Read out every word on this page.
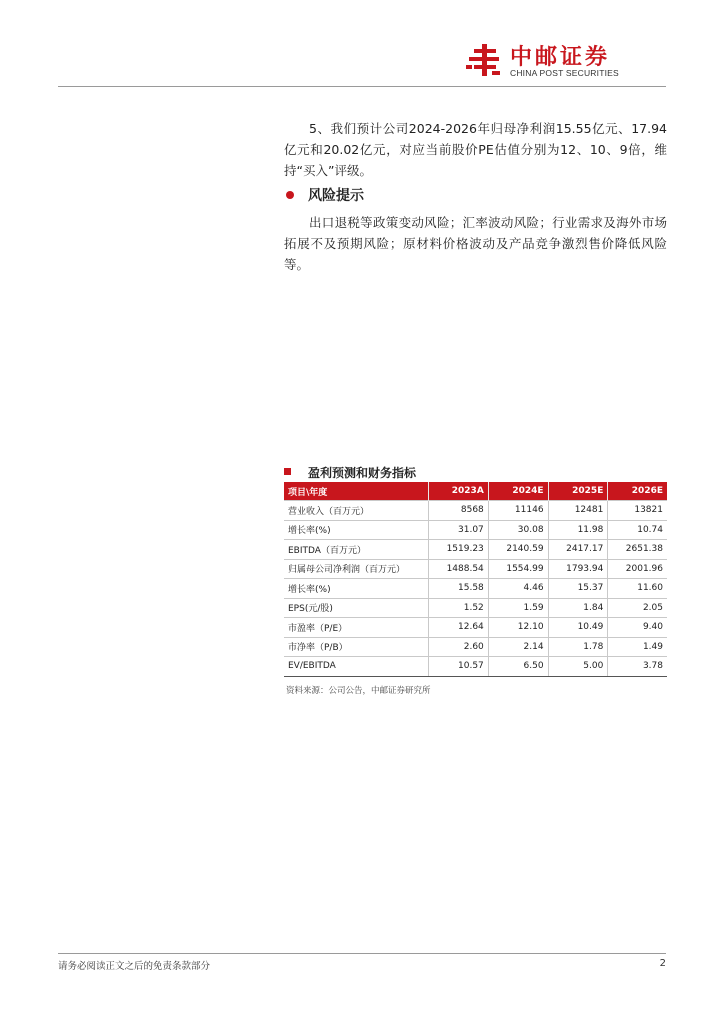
中邮证券
CHINA POST SECURITIES

5、我们预计公司2024-2026年归母净利润15.55亿元、17.94亿元和20.02亿元，对应当前股价PE估值分别为12、10、9倍，维持“买入”评级。

风险提示

出口退税等政策变动风险；汇率波动风险；行业需求及海外市场拓展不及预期风险；原材料价格波动及产品竞争激烈售价降低风险等。

盈利预测和财务指标
项目\年度	2023A	2024E	2025E	2026E
营业收入（百万元）	8568	11146	12481	13821
增长率(%)	31.07	30.08	11.98	10.74
EBITDA（百万元）	1519.23	2140.59	2417.17	2651.38
归属母公司净利润（百万元）	1488.54	1554.99	1793.94	2001.96
增长率(%)	15.58	4.46	15.37	11.60
EPS(元/股)	1.52	1.59	1.84	2.05
市盈率（P/E）	12.64	12.10	10.49	9.40
市净率（P/B）	2.60	2.14	1.78	1.49
EV/EBITDA	10.57	6.50	5.00	3.78
资料来源：公司公告，中邮证券研究所
请务必阅读正文之后的免责条款部分	2
